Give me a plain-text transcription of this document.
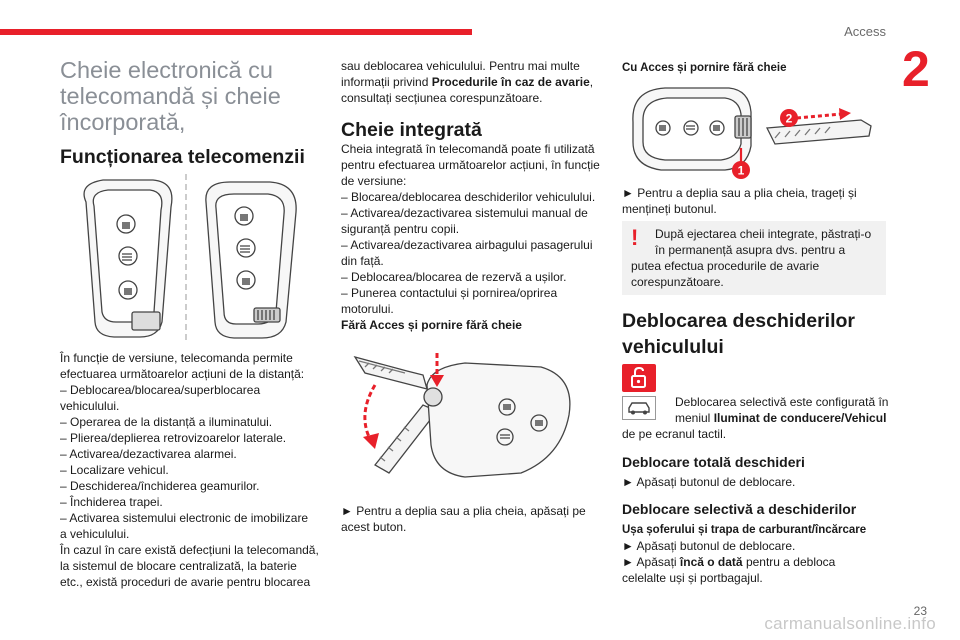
Access
2
Cheie electronică cu
telecomandă și cheie
încorporată,
Funcționarea telecomenzii
În funcție de versiune, telecomanda permite
efectuarea următoarelor acțiuni de la distanță:
– Deblocarea/blocarea/superblocarea
vehiculului.
– Operarea de la distanță a iluminatului.
– Plierea/deplierea retrovizoarelor laterale.
– Activarea/dezactivarea alarmei.
– Localizare vehicul.
– Deschiderea/închiderea geamurilor.
– Închiderea trapei.
– Activarea sistemului electronic de imobilizare
a vehiculului.
În cazul în care există defecțiuni la telecomandă,
la sistemul de blocare centralizată, la baterie
etc., există proceduri de avarie pentru blocarea
sau deblocarea vehiculului. Pentru mai multe
informații privind Procedurile în caz de avarie,
consultați secțiunea corespunzătoare.
Cheie integrată
Cheia integrată în telecomandă poate fi utilizată
pentru efectuarea următoarelor acțiuni, în funcție
de versiune:
– Blocarea/deblocarea deschiderilor vehiculului.
– Activarea/dezactivarea sistemului manual de
siguranță pentru copii.
– Activarea/dezactivarea airbagului pasagerului
din față.
– Deblocarea/blocarea de rezervă a ușilor.
– Punerea contactului și pornirea/oprirea
motorului.
Fără Acces și pornire fără cheie
► Pentru a deplia sau a plia cheia, apăsați pe
acest buton.
Cu Acces și pornire fără cheie
1
2
► Pentru a deplia sau a plia cheia, trageți și
mențineți butonul.
! După ejectarea cheii integrate, păstrați-o
în permanență asupra dvs. pentru a
putea efectua procedurile de avarie
corespunzătoare.
Deblocarea deschiderilor
vehiculului
Deblocarea selectivă este configurată în
meniul Iluminat de conducere/Vehicul
de pe ecranul tactil.
Deblocare totală deschideri
► Apăsați butonul de deblocare.
Deblocare selectivă a deschiderilor
Ușa șoferului și trapa de carburant/încărcare
► Apăsați butonul de deblocare.
► Apăsați încă o dată pentru a debloca
celelalte uși și portbagajul.
carmanualsonline.info
23
